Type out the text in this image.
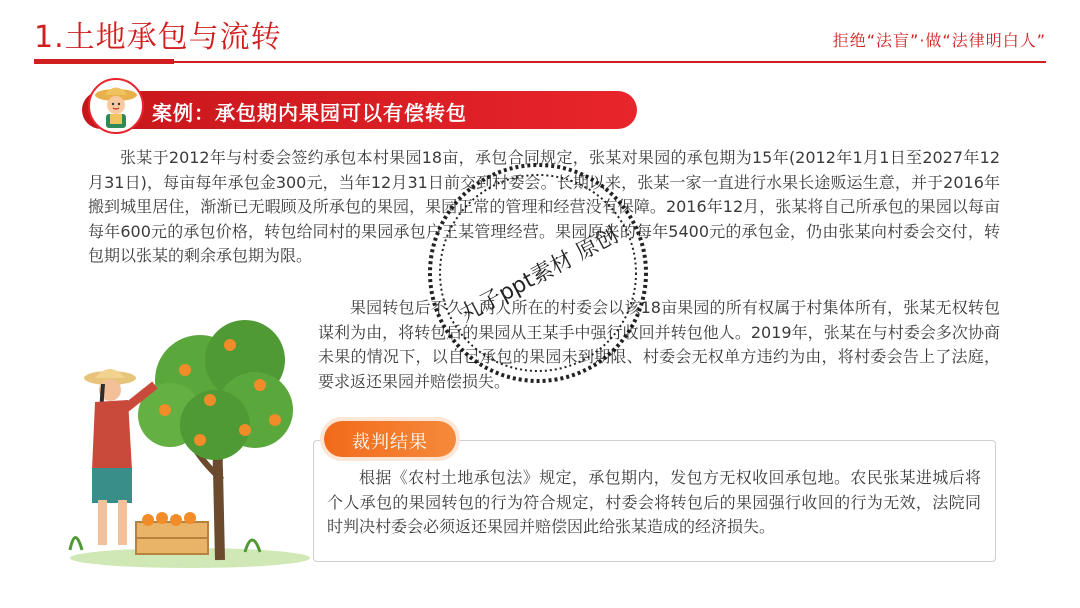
1.土地承包与流转	拒绝“法盲”·做“法律明白人”
案例：承包期内果园可以有偿转包

张某于2012年与村委会签约承包本村果园18亩，承包合同规定，张某对果园的承包期为15年(2012年1月1日至2027年12月31日)，每亩每年承包金300元，当年12月31日前交到村委会。长期以来，张某一家一直进行水果长途贩运生意，并于2016年搬到城里居住，渐渐已无暇顾及所承包的果园，果园正常的管理和经营没有保障。2016年12月，张某将自己所承包的果园以每亩每年600元的承包价格，转包给同村的果园承包户王某管理经营。果园原来的每年5400元的承包金，仍由张某向村委会交付，转包期以张某的剩余承包期为限。

果园转包后不久，两人所在的村委会以该18亩果园的所有权属于村集体所有，张某无权转包谋利为由，将转包后的果园从王某手中强行收回并转包他人。2019年，张某在与村委会多次协商未果的情况下，以自己承包的果园未到期限、村委会无权单方违约为由，将村委会告上了法庭，要求返还果园并赔偿损失。

裁判结果

根据《农村土地承包法》规定，承包期内，发包方无权收回承包地。农民张某进城后将个人承包的果园转包的行为符合规定，村委会将转包后的果园强行收回的行为无效，法院同时判决村委会必须返还果园并赔偿因此给张某造成的经济损失。

丸子ppt素材 原创
